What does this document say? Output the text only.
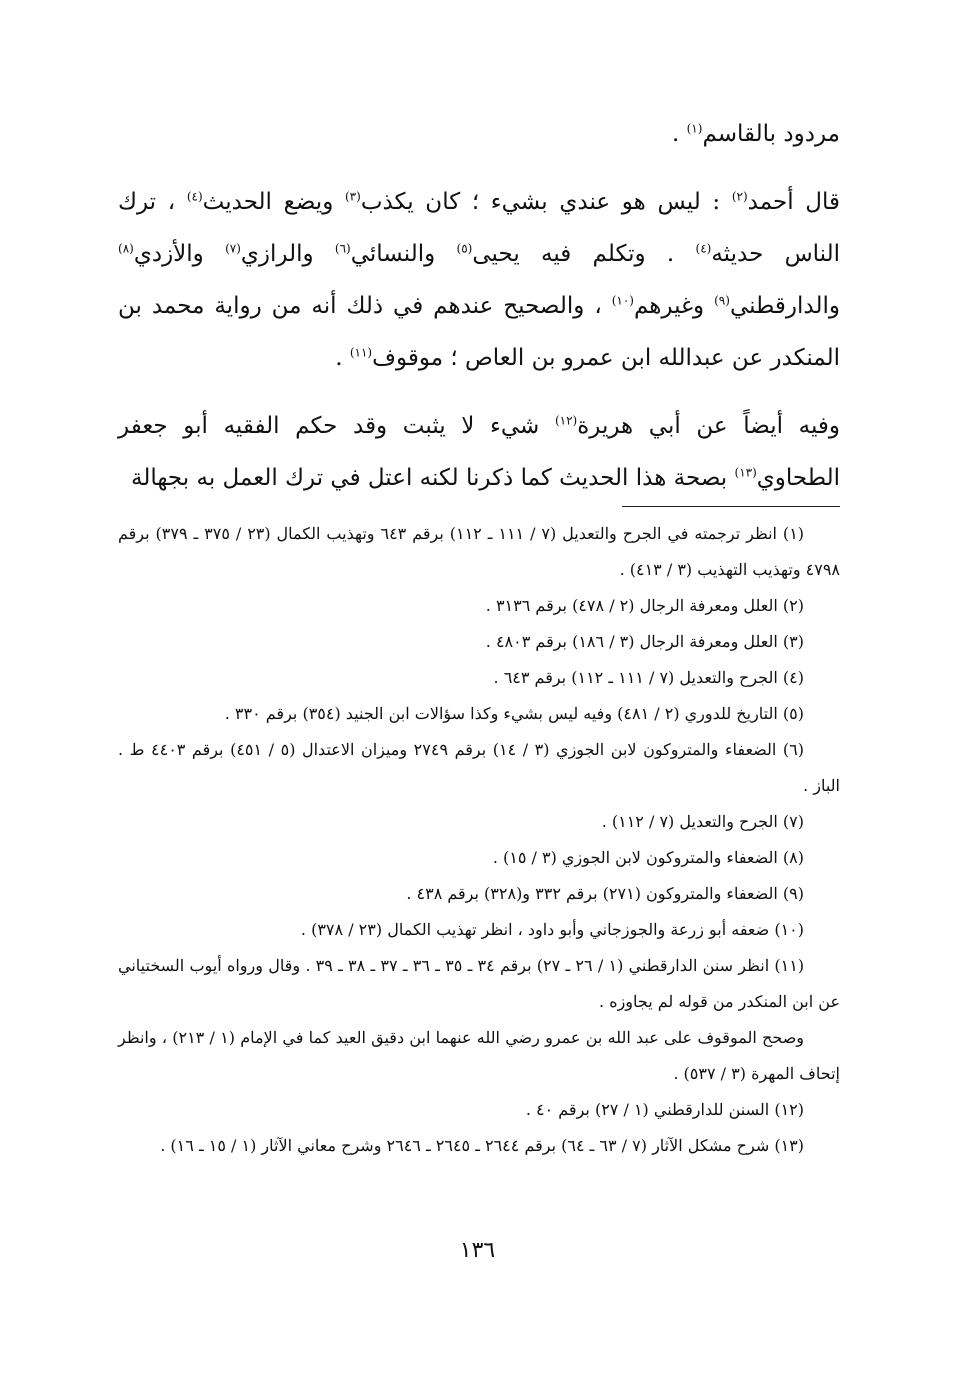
مردود بالقاسم$^{(١)}$ .

قال أحمد$^{(٢)}$ : ليس هو عندي بشيء ؛ كان يكذب$^{(٣)}$ ويضع الحديث$^{(٤)}$ ، ترك الناس حديثه$^{(٤)}$ . وتكلم فيه يحيى$^{(٥)}$ والنسائي$^{(٦)}$ والرازي$^{(٧)}$ والأزدي$^{(٨)}$ والدارقطني$^{(٩)}$ وغيرهم$^{(١٠)}$ ، والصحيح عندهم في ذلك أنه من رواية محمد بن المنكدر عن عبدالله ابن عمرو بن العاص ؛ موقوف$^{(١١)}$ .

وفيه أيضاً عن أبي هريرة$^{(١٢)}$ شيء لا يثبت وقد حكم الفقيه أبو جعفر الطحاوي$^{(١٣)}$ بصحة هذا الحديث كما ذكرنا لكنه اعتل في ترك العمل به بجهالة

(١) انظر ترجمته في الجرح والتعديل (٧ / ١١١ ـ ١١٢) برقم ٦٤٣ وتهذيب الكمال (٢٣ / ٣٧٥ ـ ٣٧٩) برقم ٤٧٩٨ وتهذيب التهذيب (٣ / ٤١٣) .

(٢) العلل ومعرفة الرجال (٢ / ٤٧٨) برقم ٣١٣٦ .

(٣) العلل ومعرفة الرجال (٣ / ١٨٦) برقم ٤٨٠٣ .

(٤) الجرح والتعديل (٧ / ١١١ ـ ١١٢) برقم ٦٤٣ .

(٥) التاريخ للدوري (٢ / ٤٨١) وفيه ليس بشيء وكذا سؤالات ابن الجنيد (٣٥٤) برقم ٣٣٠ .

(٦) الضعفاء والمتروكون لابن الجوزي (٣ / ١٤) برقم ٢٧٤٩ وميزان الاعتدال (٥ / ٤٥١) برقم ٤٤٠٣ ط . الباز .

(٧) الجرح والتعديل (٧ / ١١٢) .

(٨) الضعفاء والمتروكون لابن الجوزي (٣ / ١٥) .

(٩) الضعفاء والمتروكون (٢٧١) برقم ٣٣٢ و(٣٢٨) برقم ٤٣٨ .

(١٠) ضعفه أبو زرعة والجوزجاني وأبو داود ، انظر تهذيب الكمال (٢٣ / ٣٧٨) .

(١١) انظر سنن الدارقطني (١ / ٢٦ ـ ٢٧) برقم ٣٤ ـ ٣٥ ـ ٣٦ ـ ٣٧ ـ ٣٨ ـ ٣٩ . وقال ورواه أيوب السختياني عن ابن المنكدر من قوله لم يجاوزه .

وصحح الموقوف على عبد الله بن عمرو رضي الله عنهما ابن دقيق العيد كما في الإمام (١ / ٢١٣) ، وانظر إتحاف المهرة (٣ / ٥٣٧) .

(١٢) السنن للدارقطني (١ / ٢٧) برقم ٤٠ .

(١٣) شرح مشكل الآثار (٧ / ٦٣ ـ ٦٤) برقم ٢٦٤٤ ـ ٢٦٤٥ ـ ٢٦٤٦ وشرح معاني الآثار (١ / ١٥ ـ ١٦) .

١٣٦
